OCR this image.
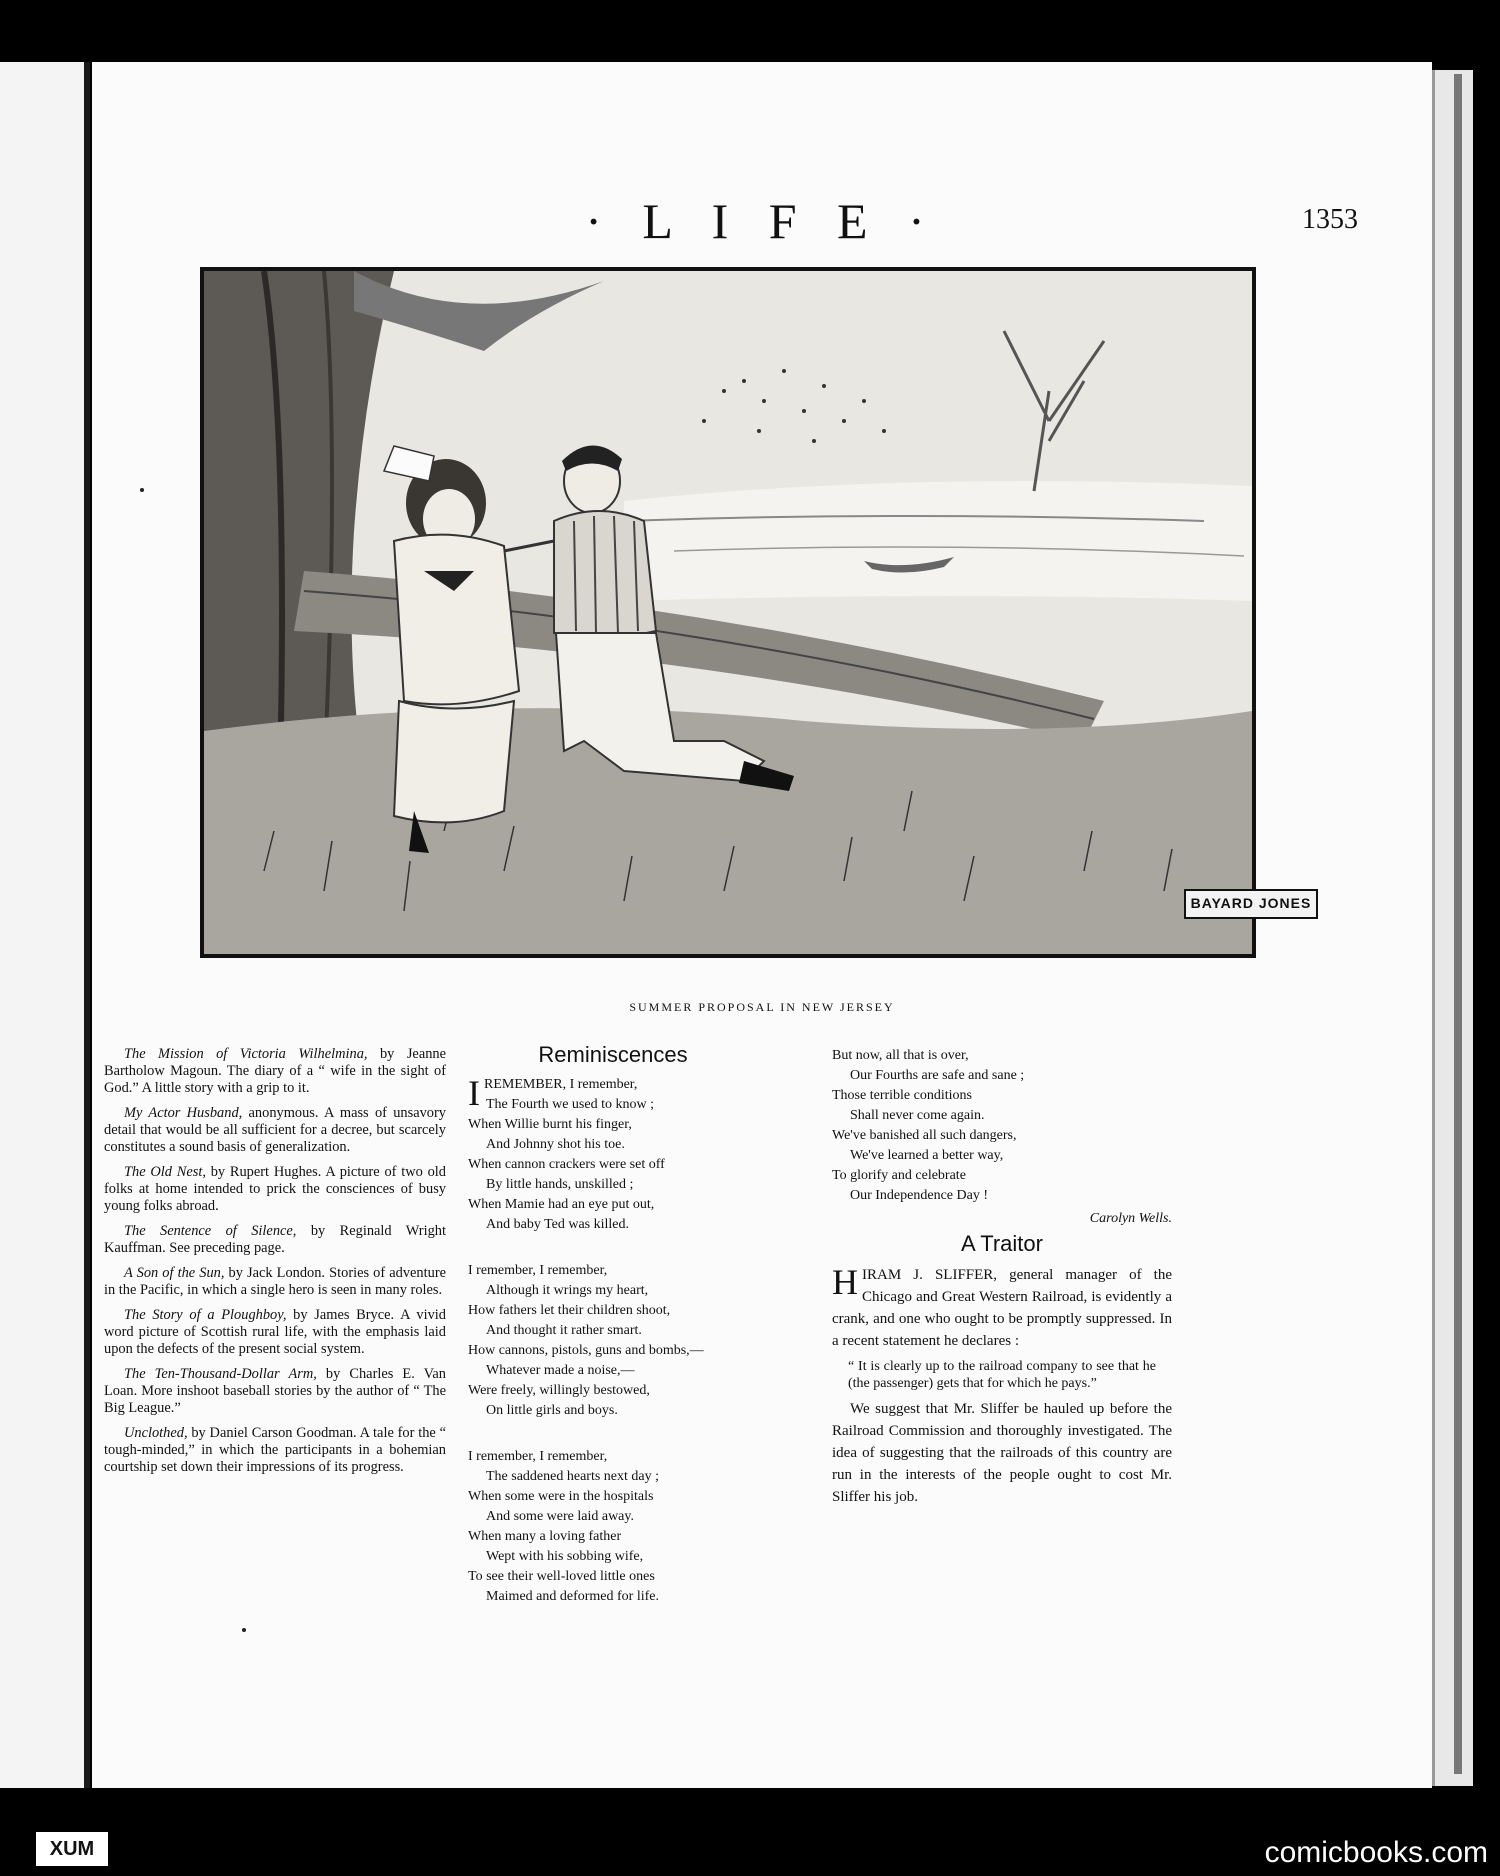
· L I F E ·	1353
BAYARD JONES
SUMMER PROPOSAL IN NEW JERSEY

The Mission of Victoria Wilhelmina, by Jeanne Bartholow Magoun. The diary of a “ wife in the sight of God.” A little story with a grip to it.

My Actor Husband, anonymous. A mass of unsavory detail that would be all sufficient for a decree, but scarcely constitutes a sound basis of generalization.

The Old Nest, by Rupert Hughes. A picture of two old folks at home intended to prick the consciences of busy young folks abroad.

The Sentence of Silence, by Reginald Wright Kauffman. See preceding page.

A Son of the Sun, by Jack London. Stories of adventure in the Pacific, in which a single hero is seen in many roles.

The Story of a Ploughboy, by James Bryce. A vivid word picture of Scottish rural life, with the emphasis laid upon the defects of the present social system.

The Ten-Thousand-Dollar Arm, by Charles E. Van Loan. More inshoot baseball stories by the author of “ The Big League.”

Unclothed, by Daniel Carson Goodman. A tale for the “ tough-minded,” in which the participants in a bohemian courtship set down their impressions of its progress.

Reminiscences
I REMEMBER, I remember,

The Fourth we used to know ;

When Willie burnt his finger,

And Johnny shot his toe.

When cannon crackers were set off

By little hands, unskilled ;

When Mamie had an eye put out,

And baby Ted was killed.

I remember, I remember,

Although it wrings my heart,

How fathers let their children shoot,

And thought it rather smart.

How cannons, pistols, guns and bombs,—

Whatever made a noise,—

Were freely, willingly bestowed,

On little girls and boys.

I remember, I remember,

The saddened hearts next day ;

When some were in the hospitals

And some were laid away.

When many a loving father

Wept with his sobbing wife,

To see their well-loved little ones

Maimed and deformed for life.

But now, all that is over,

Our Fourths are safe and sane ;

Those terrible conditions

Shall never come again.

We've banished all such dangers,

We've learned a better way,

To glorify and celebrate

Our Independence Day !

Carolyn Wells.
A Traitor

HIRAM J. SLIFFER, general manager of the Chicago and Great Western Railroad, is evidently a crank, and one who ought to be promptly suppressed. In a recent statement he declares :

“ It is clearly up to the railroad company to see that he (the passenger) gets that for which he pays.”

We suggest that Mr. Sliffer be hauled up before the Railroad Commission and thoroughly investigated. The idea of suggesting that the railroads of this country are run in the interests of the people ought to cost Mr. Sliffer his job.

XUM	comicbooks.com
